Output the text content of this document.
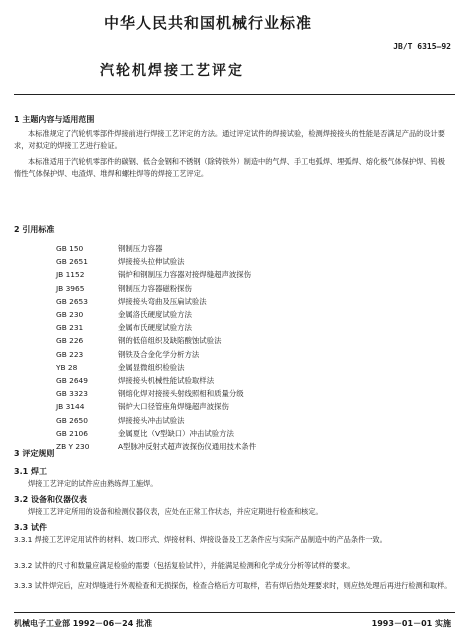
中华人民共和国机械行业标准
JB/T 6315—92
汽轮机焊接工艺评定
1 主题内容与适用范围
本标准规定了汽轮机零部件焊接前进行焊接工艺评定的方法。通过评定试件的焊接试验，检测焊接接头的性能是否满足产品的设计要求，对拟定的焊接工艺进行验证。
本标准适用于汽轮机零部件的碳钢、低合金钢和不锈钢（除铸铁外）制造中的气焊、手工电弧焊、埋弧焊、熔化极气体保护焊、钨极惰性气体保护焊、电渣焊、堆焊和螺柱焊等的焊接工艺评定。
2 引用标准
GB 150	钢制压力容器
GB 2651	焊接接头拉伸试验法
JB 1152	锅炉和钢制压力容器对接焊缝超声波探伤
JB 3965	钢制压力容器磁粉探伤
GB 2653	焊接接头弯曲及压扁试验法
GB 230	金属洛氏硬度试验方法
GB 231	金属布氏硬度试验方法
GB 226	钢的低倍组织及缺陷酸蚀试验法
GB 223	钢铁及合金化学分析方法
YB 28	金属显微组织检验法
GB 2649	焊接接头机械性能试验取样法
GB 3323	钢熔化焊对接接头射线照相和质量分级
JB 3144	锅炉大口径管座角焊缝超声波探伤
GB 2650	焊接接头冲击试验法
GB 2106	金属夏比（V型缺口）冲击试验方法
ZB Y 230	A型脉冲反射式超声波探伤仪通用技术条件
3 评定规则
3.1 焊工
焊接工艺评定的试件应由熟练焊工施焊。
3.2 设备和仪器仪表
焊接工艺评定所用的设备和检测仪器仪表，应处在正常工作状态，并应定期进行检查和核定。
3.3 试件
3.3.1 焊接工艺评定用试件的材料、坡口形式、焊接材料、焊接设备及工艺条件应与实际产品制造中的产品条件一致。
3.3.2 试件的尺寸和数量应满足检验的需要（包括复验试件），并能满足检测和化学成分分析等试样的要求。
3.3.3 试件焊完后，应对焊缝进行外观检查和无损探伤，检查合格后方可取样，若有焊后热处理要求时，则应热处理后再进行检测和取样。
机械电子工业部 1992－06－24 批准	1993－01－01 实施
